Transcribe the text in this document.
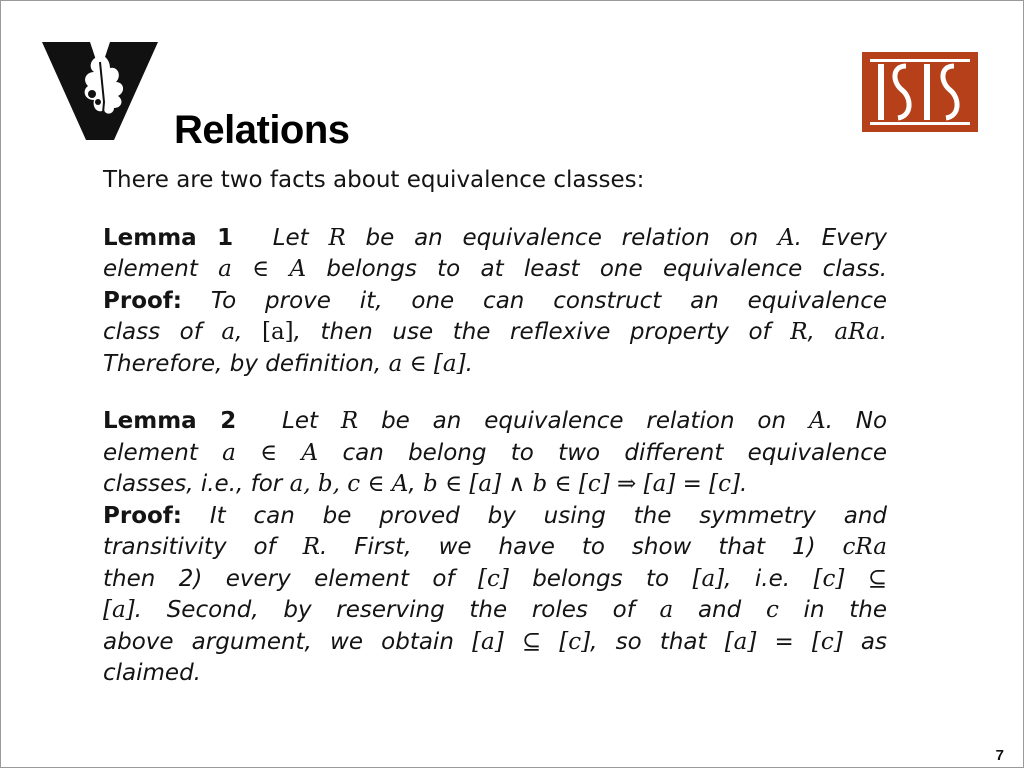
ISIS
Relations
There are two facts about equivalence classes:
Lemma 1 Let R be an equivalence relation on A. Every
element a ∈ A belongs to at least one equivalence class.
Proof: To prove it, one can construct an equivalence
class of a, [a], then use the reflexive property of R, aRa.
Therefore, by definition, a ∈ [a].
Lemma 2 Let R be an equivalence relation on A. No
element a ∈ A can belong to two different equivalence
classes, i.e., for a, b, c ∈ A, b ∈ [a] ∧ b ∈ [c] ⇒ [a] = [c].
Proof: It can be proved by using the symmetry and
transitivity of R. First, we have to show that 1) cRa
then 2) every element of [c] belongs to [a], i.e. [c] ⊆
[a]. Second, by reserving the roles of a and c in the
above argument, we obtain [a] ⊆ [c], so that [a] = [c] as
claimed.
7
